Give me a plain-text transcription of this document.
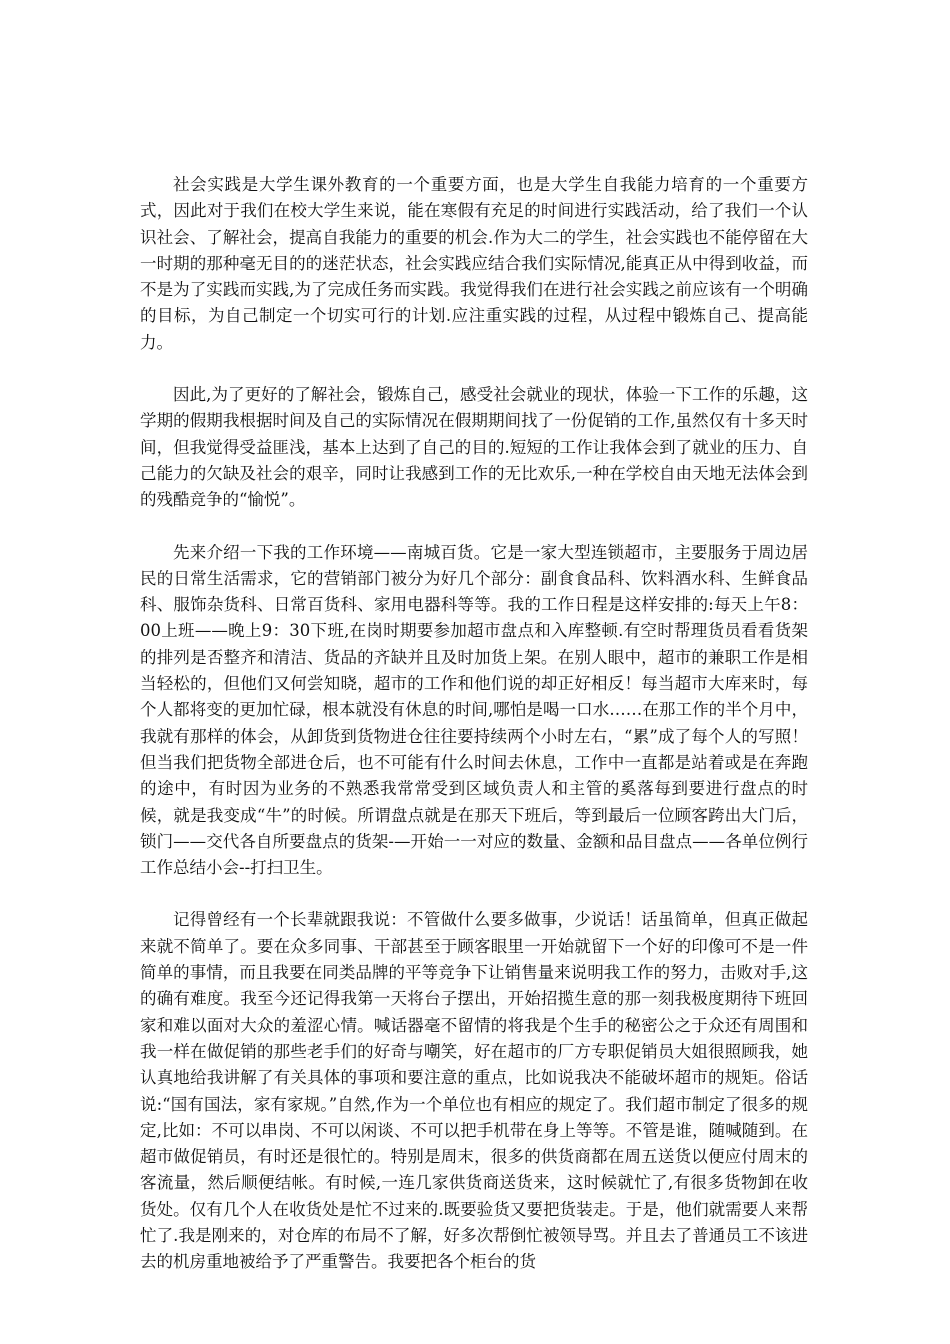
社会实践是大学生课外教育的一个重要方面，也是大学生自我能力培育的一个重要方式，因此对于我们在校大学生来说，能在寒假有充足的时间进行实践活动，给了我们一个认识社会、了解社会，提高自我能力的重要的机会.作为大二的学生，社会实践也不能停留在大一时期的那种毫无目的的迷茫状态，社会实践应结合我们实际情况,能真正从中得到收益，而不是为了实践而实践,为了完成任务而实践。我觉得我们在进行社会实践之前应该有一个明确的目标，为自己制定一个切实可行的计划.应注重实践的过程，从过程中锻炼自己、提高能力。

因此,为了更好的了解社会，锻炼自己，感受社会就业的现状，体验一下工作的乐趣，这学期的假期我根据时间及自己的实际情况在假期期间找了一份促销的工作,虽然仅有十多天时间，但我觉得受益匪浅，基本上达到了自己的目的.短短的工作让我体会到了就业的压力、自己能力的欠缺及社会的艰辛，同时让我感到工作的无比欢乐,一种在学校自由天地无法体会到的残酷竞争的“愉悦”。

先来介绍一下我的工作环境——南城百货。它是一家大型连锁超市，主要服务于周边居民的日常生活需求，它的营销部门被分为好几个部分：副食食品科、饮料酒水科、生鲜食品科、服饰杂货科、日常百货科、家用电器科等等。我的工作日程是这样安排的:每天上午8：00上班——晚上9：30下班,在岗时期要参加超市盘点和入库整顿.有空时帮理货员看看货架的排列是否整齐和清洁、货品的齐缺并且及时加货上架。在别人眼中，超市的兼职工作是相当轻松的，但他们又何尝知晓，超市的工作和他们说的却正好相反！每当超市大库来时，每个人都将变的更加忙碌，根本就没有休息的时间,哪怕是喝一口水……在那工作的半个月中，我就有那样的体会，从卸货到货物进仓往往要持续两个小时左右，“累”成了每个人的写照！但当我们把货物全部进仓后，也不可能有什么时间去休息，工作中一直都是站着或是在奔跑的途中，有时因为业务的不熟悉我常常受到区域负责人和主管的奚落每到要进行盘点的时候，就是我变成“牛”的时候。所谓盘点就是在那天下班后，等到最后一位顾客跨出大门后，锁门——交代各自所要盘点的货架-—开始一一对应的数量、金额和品目盘点——各单位例行工作总结小会--打扫卫生。

记得曾经有一个长辈就跟我说：不管做什么要多做事，少说话！话虽简单，但真正做起来就不简单了。要在众多同事、干部甚至于顾客眼里一开始就留下一个好的印像可不是一件简单的事情，而且我要在同类品牌的平等竞争下让销售量来说明我工作的努力，击败对手,这的确有难度。我至今还记得我第一天将台子摆出，开始招揽生意的那一刻我极度期待下班回家和难以面对大众的羞涩心情。喊话器毫不留情的将我是个生手的秘密公之于众还有周围和我一样在做促销的那些老手们的好奇与嘲笑，好在超市的厂方专职促销员大姐很照顾我，她认真地给我讲解了有关具体的事项和要注意的重点，比如说我决不能破坏超市的规矩。俗话说:“国有国法，家有家规。”自然,作为一个单位也有相应的规定了。我们超市制定了很多的规定,比如：不可以串岗、不可以闲谈、不可以把手机带在身上等等。不管是谁，随喊随到。在超市做促销员，有时还是很忙的。特别是周末，很多的供货商都在周五送货以便应付周末的客流量，然后顺便结帐。有时候,一连几家供货商送货来，这时候就忙了,有很多货物卸在收货处。仅有几个人在收货处是忙不过来的.既要验货又要把货装走。于是，他们就需要人来帮忙了.我是刚来的，对仓库的布局不了解，好多次帮倒忙被领导骂。并且去了普通员工不该进去的机房重地被给予了严重警告。我要把各个柜台的货
